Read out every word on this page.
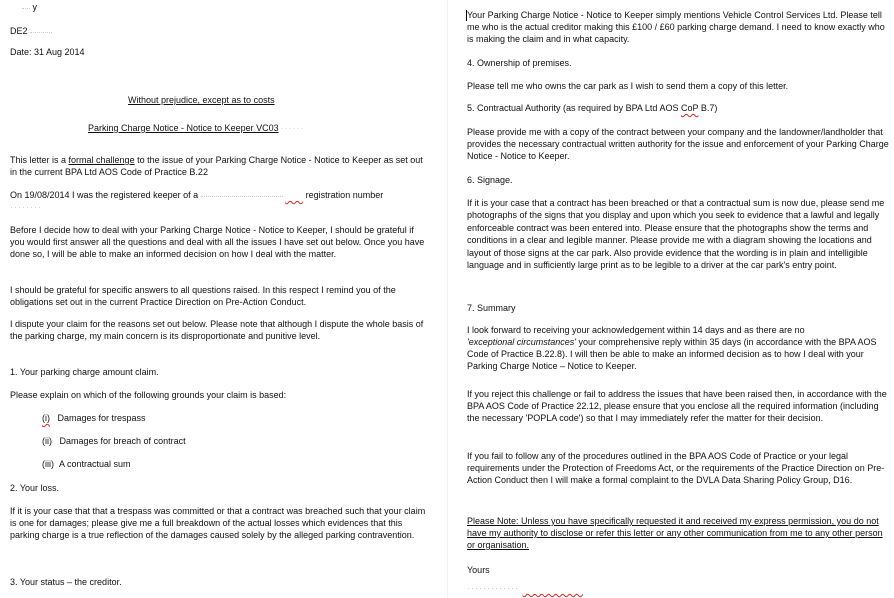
y

DE2

Date: 31 Aug 2014

Without prejudice, except as to costs

Parking Charge Notice - Notice to Keeper VC03 ······

This letter is a formal challenge to the issue of your Parking Charge Notice - Notice to Keeper as set out in the current BPA Ltd AOS Code of Practice B.22

On 19/08/2014 I was the registered keeper of a	xxxx registration number

········

Before I decide how to deal with your Parking Charge Notice - Notice to Keeper, I should be grateful if you would first answer all the questions and deal with all the issues I have set out below. Once you have done so, I will be able to make an informed decision on how I deal with the matter.

I should be grateful for specific answers to all questions raised. In this respect I remind you of the obligations set out in the current Practice Direction on Pre-Action Conduct.

I dispute your claim for the reasons set out below. Please note that although I dispute the whole basis of the parking charge, my main concern is its disproportionate and punitive level.

1. Your parking charge amount claim.

Please explain on which of the following grounds your claim is based:

(i) Damages for trespass

(ii) Damages for breach of contract

(iii) A contractual sum

2. Your loss.

If it is your case that that a trespass was committed or that a contract was breached such that your claim is one for damages; please give me a full breakdown of the actual losses which evidences that this parking charge is a true reflection of the damages caused solely by the alleged parking contravention.

3. Your status – the creditor.

Your Parking Charge Notice - Notice to Keeper simply mentions Vehicle Control Services Ltd. Please tell me who is the actual creditor making this £100 / £60 parking charge demand. I need to know exactly who is making the claim and in what capacity.

4. Ownership of premises.

Please tell me who owns the car park as I wish to send them a copy of this letter.

5. Contractual Authority (as required by BPA Ltd AOS CoP B.7)

Please provide me with a copy of the contract between your company and the landowner/landholder that provides the necessary contractual written authority for the issue and enforcement of your Parking Charge Notice - Notice to Keeper.

6. Signage.

If it is your case that a contract has been breached or that a contractual sum is now due, please send me photographs of the signs that you display and upon which you seek to evidence that a lawful and legally enforceable contract was been entered into. Please ensure that the photographs show the terms and conditions in a clear and legible manner. Please provide me with a diagram showing the locations and layout of those signs at the car park. Also provide evidence that the wording is in plain and intelligible language and in sufficiently large print as to be legible to a driver at the car park's entry point.

7. Summary

I look forward to receiving your acknowledgement within 14 days and as there are no
'exceptional circumstances' your comprehensive reply within 35 days (in accordance with the BPA AOS Code of Practice B.22.8). I will then be able to make an informed decision as to how I deal with your Parking Charge Notice – Notice to Keeper.

If you reject this challenge or fail to address the issues that have been raised then, in accordance with the BPA AOS Code of Practice 22.12, please ensure that you enclose all the required information (including the necessary 'POPLA code') so that I may immediately refer the matter for their decision.

If you fail to follow any of the procedures outlined in the BPA AOS Code of Practice or your legal requirements under the Protection of Freedoms Act, or the requirements of the Practice Direction on Pre-Action Conduct then I will make a formal complaint to the DVLA Data Sharing Policy Group, D16.

Please Note: Unless you have specifically requested it and received my express permission, you do not have my authority to disclose or refer this letter or any other communication from me to any other person or organisation.

Yours

············· xxxxxxxxxxx
